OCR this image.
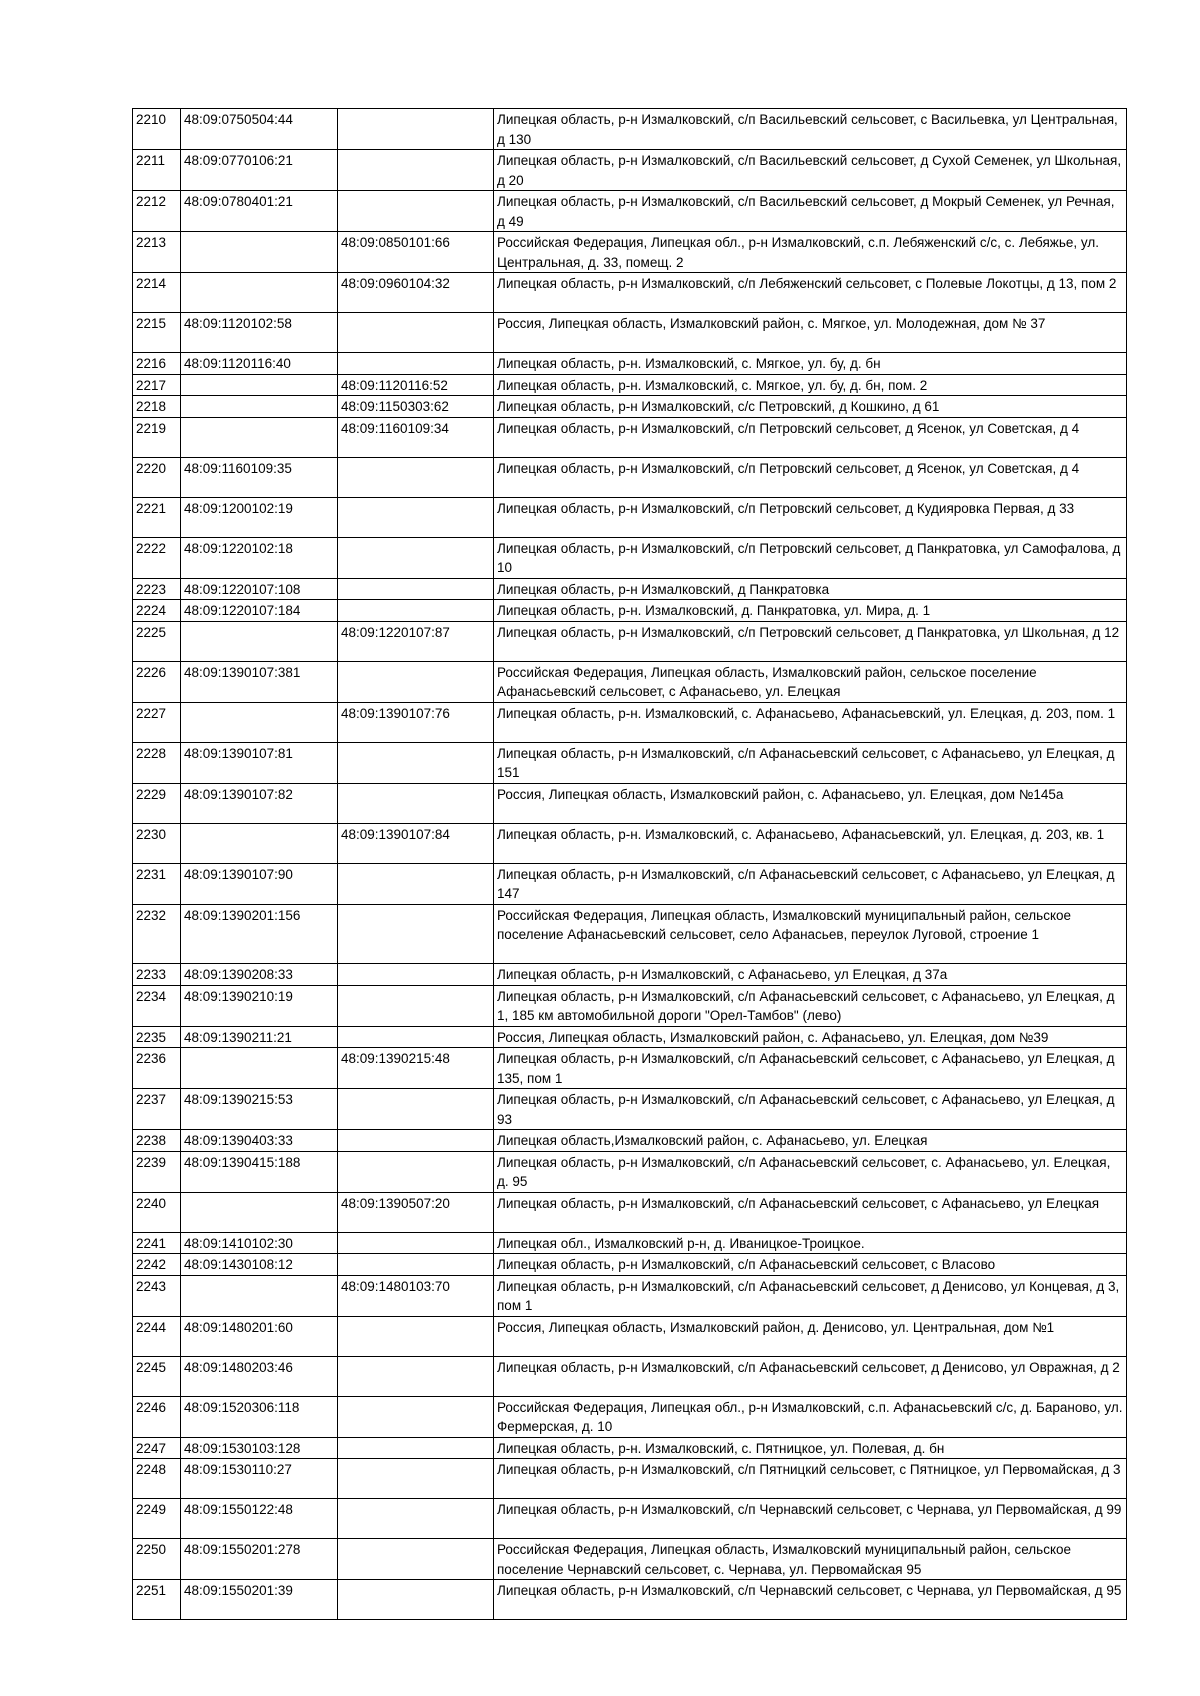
2210	48:09:0750504:44		Липецкая область, р-н Измалковский, с/п Васильевский сельсовет, с Васильевка, ул Центральная, д 130
2211	48:09:0770106:21		Липецкая область, р-н Измалковский, с/п Васильевский сельсовет, д Сухой Семенек, ул Школьная, д 20
2212	48:09:0780401:21		Липецкая область, р-н Измалковский, с/п Васильевский сельсовет, д Мокрый Семенек, ул Речная, д 49
2213		48:09:0850101:66	Российская Федерация, Липецкая обл., р-н Измалковский, с.п. Лебяженский с/с, с. Лебяжье, ул. Центральная, д. 33, помещ. 2
2214		48:09:0960104:32	Липецкая область, р-н Измалковский, с/п Лебяженский сельсовет, с Полевые Локотцы, д 13, пом 2
2215	48:09:1120102:58		Россия, Липецкая область, Измалковский район, с. Мягкое, ул. Молодежная, дом № 37
2216	48:09:1120116:40		Липецкая область, р-н. Измалковский, с. Мягкое, ул. бу, д. бн
2217		48:09:1120116:52	Липецкая область, р-н. Измалковский, с. Мягкое, ул. бу, д. бн, пом. 2
2218		48:09:1150303:62	Липецкая область, р-н Измалковский, с/с Петровский, д Кошкино, д 61
2219		48:09:1160109:34	Липецкая область, р-н Измалковский, с/п Петровский сельсовет, д Ясенок, ул Советская, д 4
2220	48:09:1160109:35		Липецкая область, р-н Измалковский, с/п Петровский сельсовет, д Ясенок, ул Советская, д 4
2221	48:09:1200102:19		Липецкая область, р-н Измалковский, с/п Петровский сельсовет, д Кудияровка Первая, д 33
2222	48:09:1220102:18		Липецкая область, р-н Измалковский, с/п Петровский сельсовет, д Панкратовка, ул Самофалова, д 10
2223	48:09:1220107:108		Липецкая область, р-н Измалковский, д Панкратовка
2224	48:09:1220107:184		Липецкая область, р-н. Измалковский, д. Панкратовка, ул. Мира, д. 1
2225		48:09:1220107:87	Липецкая область, р-н Измалковский, с/п Петровский сельсовет, д Панкратовка, ул Школьная, д 12
2226	48:09:1390107:381		Российская Федерация, Липецкая область, Измалковский район, сельское поселение Афанасьевский сельсовет, с Афанасьево, ул. Елецкая
2227		48:09:1390107:76	Липецкая область, р-н. Измалковский, с. Афанасьево, Афанасьевский, ул. Елецкая, д. 203, пом. 1
2228	48:09:1390107:81		Липецкая область, р-н Измалковский, с/п Афанасьевский сельсовет, с Афанасьево, ул Елецкая, д 151
2229	48:09:1390107:82		Россия, Липецкая область, Измалковский район, с. Афанасьево, ул. Елецкая, дом №145а
2230		48:09:1390107:84	Липецкая область, р-н. Измалковский, с. Афанасьево, Афанасьевский, ул. Елецкая, д. 203, кв. 1
2231	48:09:1390107:90		Липецкая область, р-н Измалковский, с/п Афанасьевский сельсовет, с Афанасьево, ул Елецкая, д 147
2232	48:09:1390201:156		Российская Федерация, Липецкая область, Измалковский муниципальный район, сельское поселение Афанасьевский сельсовет, село Афанасьев, переулок Луговой, строение 1
2233	48:09:1390208:33		Липецкая область, р-н Измалковский, с Афанасьево, ул Елецкая, д 37а
2234	48:09:1390210:19		Липецкая область, р-н Измалковский, с/п Афанасьевский сельсовет, с Афанасьево, ул Елецкая, д 1, 185 км автомобильной дороги "Орел-Тамбов" (лево)
2235	48:09:1390211:21		Россия, Липецкая область, Измалковский район, с. Афанасьево, ул. Елецкая, дом №39
2236		48:09:1390215:48	Липецкая область, р-н Измалковский, с/п Афанасьевский сельсовет, с Афанасьево, ул Елецкая, д 135, пом 1
2237	48:09:1390215:53		Липецкая область, р-н Измалковский, с/п Афанасьевский сельсовет, с Афанасьево, ул Елецкая, д 93
2238	48:09:1390403:33		Липецкая область,Измалковский район, с. Афанасьево, ул. Елецкая
2239	48:09:1390415:188		Липецкая область, р-н Измалковский, с/п Афанасьевский сельсовет, с. Афанасьево, ул. Елецкая, д. 95
2240		48:09:1390507:20	Липецкая область, р-н Измалковский, с/п Афанасьевский сельсовет, с Афанасьево, ул Елецкая
2241	48:09:1410102:30		Липецкая обл., Измалковский р-н, д. Иваницкое-Троицкое.
2242	48:09:1430108:12		Липецкая область, р-н Измалковский, с/п Афанасьевский сельсовет, с Власово
2243		48:09:1480103:70	Липецкая область, р-н Измалковский, с/п Афанасьевский сельсовет, д Денисово, ул Концевая, д 3, пом 1
2244	48:09:1480201:60		Россия, Липецкая область, Измалковский район, д. Денисово, ул. Центральная, дом №1
2245	48:09:1480203:46		Липецкая область, р-н Измалковский, с/п Афанасьевский сельсовет, д Денисово, ул Овражная, д 2
2246	48:09:1520306:118		Российская Федерация, Липецкая обл., р-н Измалковский, с.п. Афанасьевский с/с, д. Бараново, ул. Фермерская, д. 10
2247	48:09:1530103:128		Липецкая область, р-н. Измалковский, с. Пятницкое, ул. Полевая, д. бн
2248	48:09:1530110:27		Липецкая область, р-н Измалковский, с/п Пятницкий сельсовет, с Пятницкое, ул Первомайская, д 3
2249	48:09:1550122:48		Липецкая область, р-н Измалковский, с/п Чернавский сельсовет, с Чернава, ул Первомайская, д 99
2250	48:09:1550201:278		Российская Федерация, Липецкая область, Измалковский муниципальный район, сельское поселение Чернавский сельсовет, с. Чернава, ул. Первомайская 95
2251	48:09:1550201:39		Липецкая область, р-н Измалковский, с/п Чернавский сельсовет, с Чернава, ул Первомайская, д 95
